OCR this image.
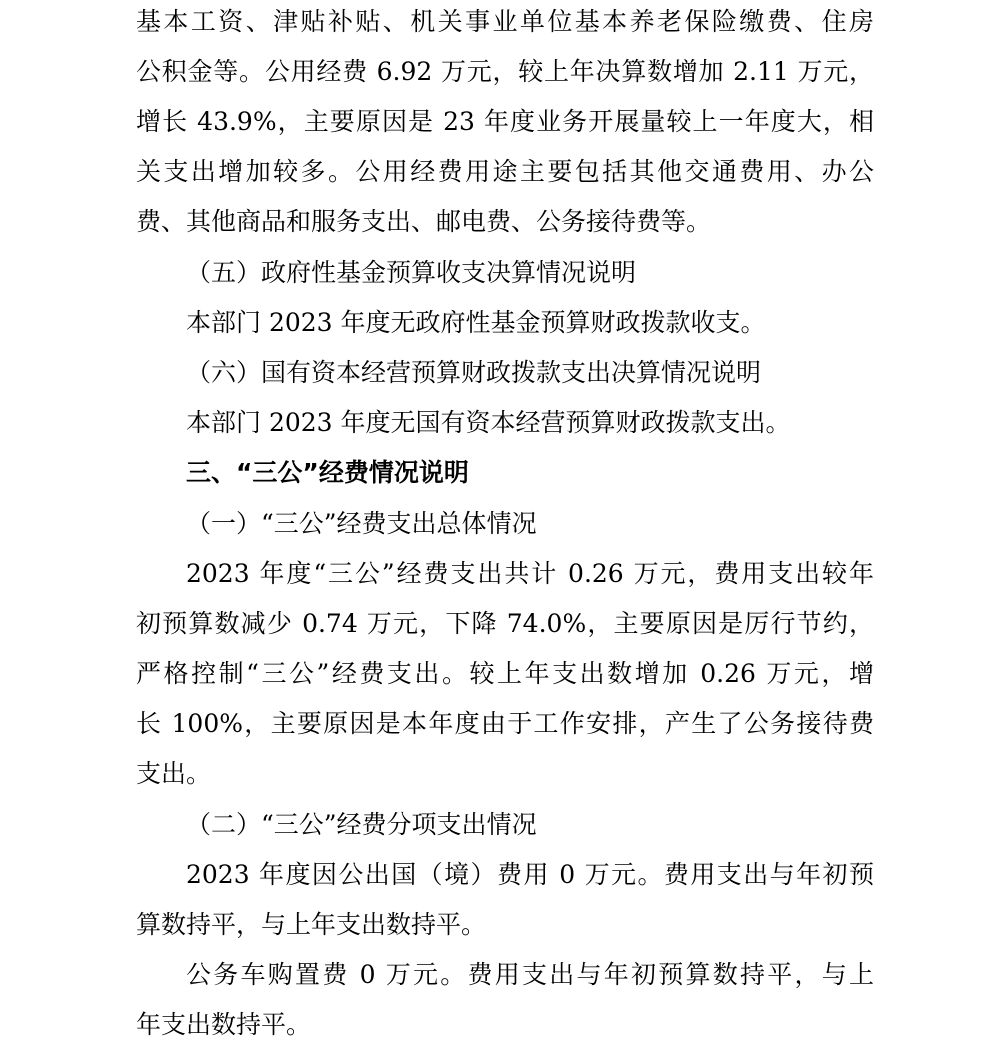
基本工资、津贴补贴、机关事业单位基本养老保险缴费、住房
公积金等。公用经费 6.92 万元，较上年决算数增加 2.11 万元，
增长 43.9%，主要原因是 23 年度业务开展量较上一年度大，相
关支出增加较多。公用经费用途主要包括其他交通费用、办公
费、其他商品和服务支出、邮电费、公务接待费等。
（五）政府性基金预算收支决算情况说明
本部门 2023 年度无政府性基金预算财政拨款收支。
（六）国有资本经营预算财政拨款支出决算情况说明
本部门 2023 年度无国有资本经营预算财政拨款支出。
三、“三公”经费情况说明
（一）“三公”经费支出总体情况
2023 年度“三公”经费支出共计 0.26 万元，费用支出较年
初预算数减少 0.74 万元，下降 74.0%，主要原因是厉行节约，
严格控制“三公”经费支出。较上年支出数增加 0.26 万元，增
长 100%，主要原因是本年度由于工作安排，产生了公务接待费
支出。
（二）“三公”经费分项支出情况
2023 年度因公出国（境）费用 0 万元。费用支出与年初预
算数持平，与上年支出数持平。
公务车购置费 0 万元。费用支出与年初预算数持平，与上
年支出数持平。
